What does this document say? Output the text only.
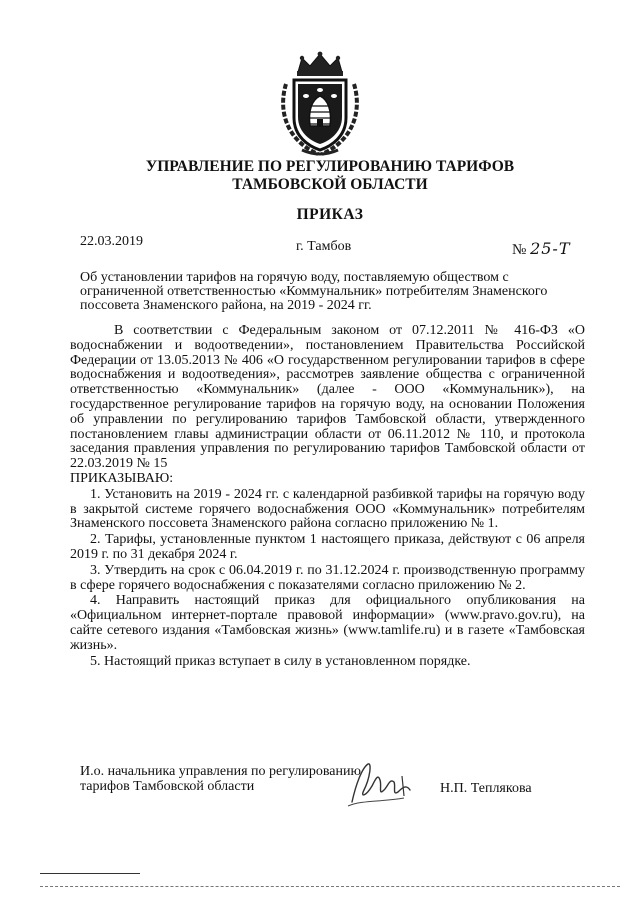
УПРАВЛЕНИЕ ПО РЕГУЛИРОВАНИЮ ТАРИФОВ
ТАМБОВСКОЙ ОБЛАСТИ
ПРИКАЗ
22.03.2019	г. Тамбов	№ 25-Т
Об установлении тарифов на горячую воду, поставляемую обществом с
ограниченной ответственностью «Коммунальник» потребителям Знаменского
поссовета Знаменского района, на 2019 - 2024 гг.

В соответствии с Федеральным законом от 07.12.2011 № 416-ФЗ «О водоснабжении и водоотведении», постановлением Правительства Российской Федерации от 13.05.2013 № 406 «О государственном регулировании тарифов в сфере водоснабжения и водоотведения», рассмотрев заявление общества с ограниченной ответственностью «Коммунальник» (далее - ООО «Коммунальник»), на государственное регулирование тарифов на горячую воду, на основании Положения об управлении по регулированию тарифов Тамбовской области, утвержденного постановлением главы администрации области от 06.11.2012 № 110, и протокола заседания правления управления по регулированию тарифов Тамбовской области от 22.03.2019 № 15

ПРИКАЗЫВАЮ:

1. Установить на 2019 - 2024 гг. с календарной разбивкой тарифы на горячую воду в закрытой системе горячего водоснабжения ООО «Коммунальник» потребителям Знаменского поссовета Знаменского района согласно приложению № 1.

2. Тарифы, установленные пунктом 1 настоящего приказа, действуют с 06 апреля 2019 г. по 31 декабря 2024 г.

3. Утвердить на срок с 06.04.2019 г. по 31.12.2024 г. производственную программу в сфере горячего водоснабжения с показателями согласно приложению № 2.

4. Направить настоящий приказ для официального опубликования на «Официальном интернет-портале правовой информации» (www.pravo.gov.ru), на сайте сетевого издания «Тамбовская жизнь» (www.tamlife.ru) и в газете «Тамбовская жизнь».

5. Настоящий приказ вступает в силу в установленном порядке.

И.о. начальника управления по регулированию
тарифов Тамбовской области	Н.П. Теплякова
